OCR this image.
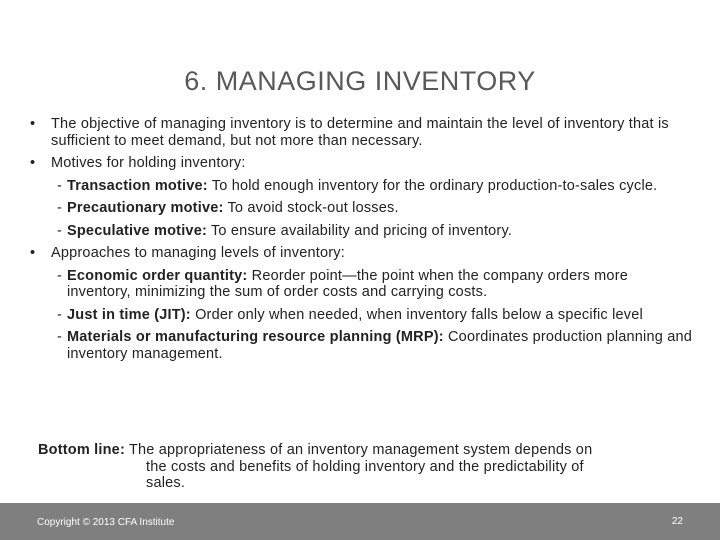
6. MANAGING INVENTORY
• The objective of managing inventory is to determine and maintain the level of inventory that is sufficient to meet demand, but not more than necessary.
• Motives for holding inventory:
- Transaction motive: To hold enough inventory for the ordinary production-to-sales cycle.
- Precautionary motive: To avoid stock-out losses.
- Speculative motive: To ensure availability and pricing of inventory.
• Approaches to managing levels of inventory:
- Economic order quantity: Reorder point—the point when the company orders more inventory, minimizing the sum of order costs and carrying costs.
- Just in time (JIT): Order only when needed, when inventory falls below a specific level
- Materials or manufacturing resource planning (MRP): Coordinates production planning and inventory management.
Bottom line: The appropriateness of an inventory management system depends on
the costs and benefits of holding inventory and the predictability of
sales.
Copyright © 2013 CFA Institute	22
